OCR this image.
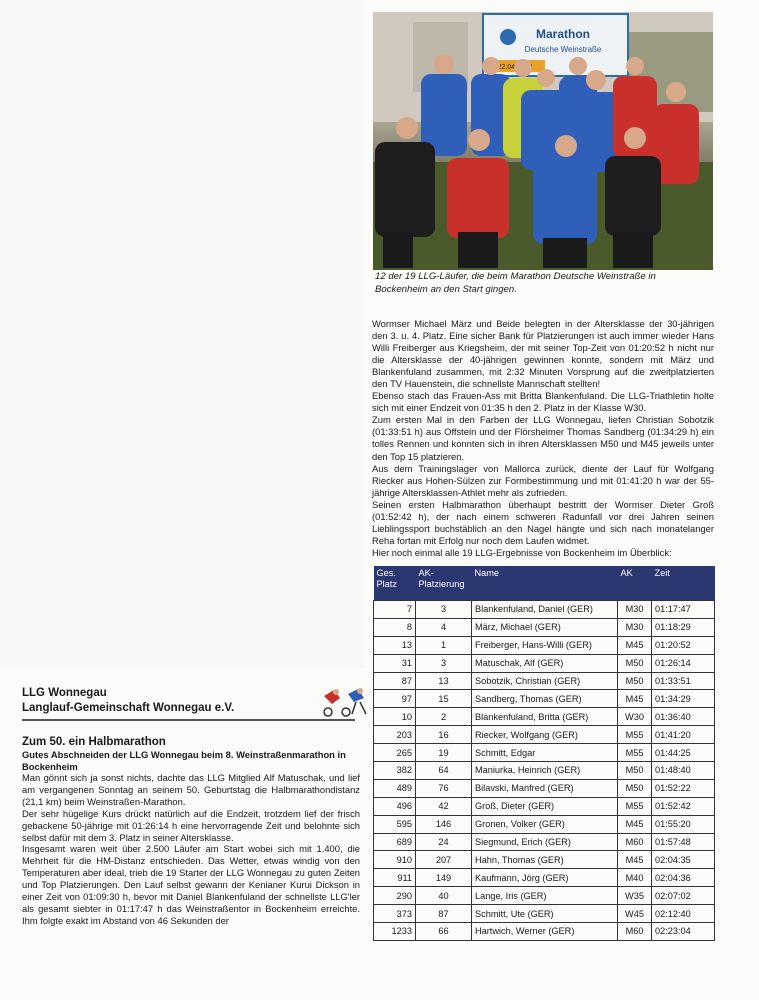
Marathon
Deutsche Weinstraße
12 der 19 LLG-Läufer, die beim Marathon Deutsche Weinstraße in Bockenheim an den Start gingen.

Wormser Michael März und Beide belegten in der Altersklasse der 30-jährigen den 3. u. 4. Platz. Eine sicher Bank für Platzierungen ist auch immer wieder Hans Willi Freiberger aus Kriegsheim, der mit seiner Top-Zeit von 01:20:52 h nicht nur die Altersklasse der 40-jährigen gewinnen konnte, sondern mit März und Blankenfuland zusammen, mit 2:32 Minuten Vorsprung auf die zweitplatzierten den TV Hauenstein, die schnellste Mannschaft stellten!

Ebenso stach das Frauen-Ass mit Britta Blankenfuland. Die LLG-Triathletin holte sich mit einer Endzeit von 01:35 h den 2. Platz in der Klasse W30.

Zum ersten Mal in den Farben der LLG Wonnegau, liefen Christian Sobotzik (01:33:51 h) aus Offstein und der Flörsheimer Thomas Sandberg (01:34:29 h) ein tolles Rennen und konnten sich in ihren Altersklassen M50 und M45 jeweils unter den Top 15 platzieren.

Aus dem Trainingslager von Mallorca zurück, diente der Lauf für Wolfgang Riecker aus Hohen-Sülzen zur Formbestimmung und mit 01:41:20 h war der 55-jährige Altersklassen-Athlet mehr als zufrieden.

Seinen ersten Halbmarathon überhaupt bestritt der Wormser Dieter Groß (01:52:42 h), der nach einem schweren Radunfall vor drei Jahren seinen Lieblingssport buchstäblich an den Nagel hängte und sich nach monatelanger Reha fortan mit Erfolg nur noch dem Laufen widmet.

Hier noch einmal alle 19 LLG-Ergebnisse von Bockenheim im Überblick:

Ges. Platz	AK-Platzierung	Name	AK	Zeit
7	3	Blankenfuland, Daniel (GER)	M30	01:17:47
8	4	März, Michael (GER)	M30	01:18:29
13	1	Freiberger, Hans-Willi (GER)	M45	01:20:52
31	3	Matuschak, Alf (GER)	M50	01:26:14
87	13	Sobotzik, Christian (GER)	M50	01:33:51
97	15	Sandberg, Thomas (GER)	M45	01:34:29
10	2	Blankenfuland, Britta (GER)	W30	01:36:40
203	16	Riecker, Wolfgang (GER)	M55	01:41:20
265	19	Schmitt, Edgar	M55	01:44:25
382	64	Maniurka, Heinrich (GER)	M50	01:48:40
489	76	Bilavski, Manfred (GER)	M50	01:52:22
496	42	Groß, Dieter (GER)	M55	01:52:42
595	146	Gronen, Volker (GER)	M45	01:55:20
689	24	Siegmund, Erich (GER)	M60	01:57:48
910	207	Hahn, Thomas (GER)	M45	02:04:35
911	149	Kaufmann, Jörg (GER)	M40	02:04:36
290	40	Lange, Iris (GER)	W35	02:07:02
373	87	Schmitt, Ute (GER)	W45	02:12:40
1233	66	Hartwich, Werner (GER)	M60	02:23:04
LLG Wonnegau
Langlauf-Gemeinschaft Wonnegau e.V.
Zum 50. ein Halbmarathon
Gutes Abschneiden der LLG Wonnegau beim 8. Weinstraßenmarathon in Bockenheim

Man gönnt sich ja sonst nichts, dachte das LLG Mitglied Alf Matuschak, und lief am vergangenen Sonntag an seinem 50. Geburtstag die Halbmarathondistanz (21,1 km) beim Weinstraßen-Marathon.

Der sehr hügelige Kurs drückt natürlich auf die Endzeit, trotzdem lief der frisch gebackene 50-jährige mit 01:26:14 h eine hervorragende Zeit und belohnte sich selbst dafür mit dem 3. Platz in seiner Altersklasse.

Insgesamt waren weit über 2.500 Läufer am Start wobei sich mit 1.400, die Mehrheit für die HM-Distanz entschieden. Das Wetter, etwas windig von den Temperaturen aber ideal, trieb die 19 Starter der LLG Wonnegau zu guten Zeiten und Top Platzierungen. Den Lauf selbst gewann der Kenianer Kurui Dickson in einer Zeit von 01:09:30 h, bevor mit Daniel Blankenfuland der schnellste LLG'ler als gesamt siebter in 01:17:47 h das Weinstraßentor in Bockenheim erreichte. Ihm folgte exakt im Abstand von 46 Sekunden der
